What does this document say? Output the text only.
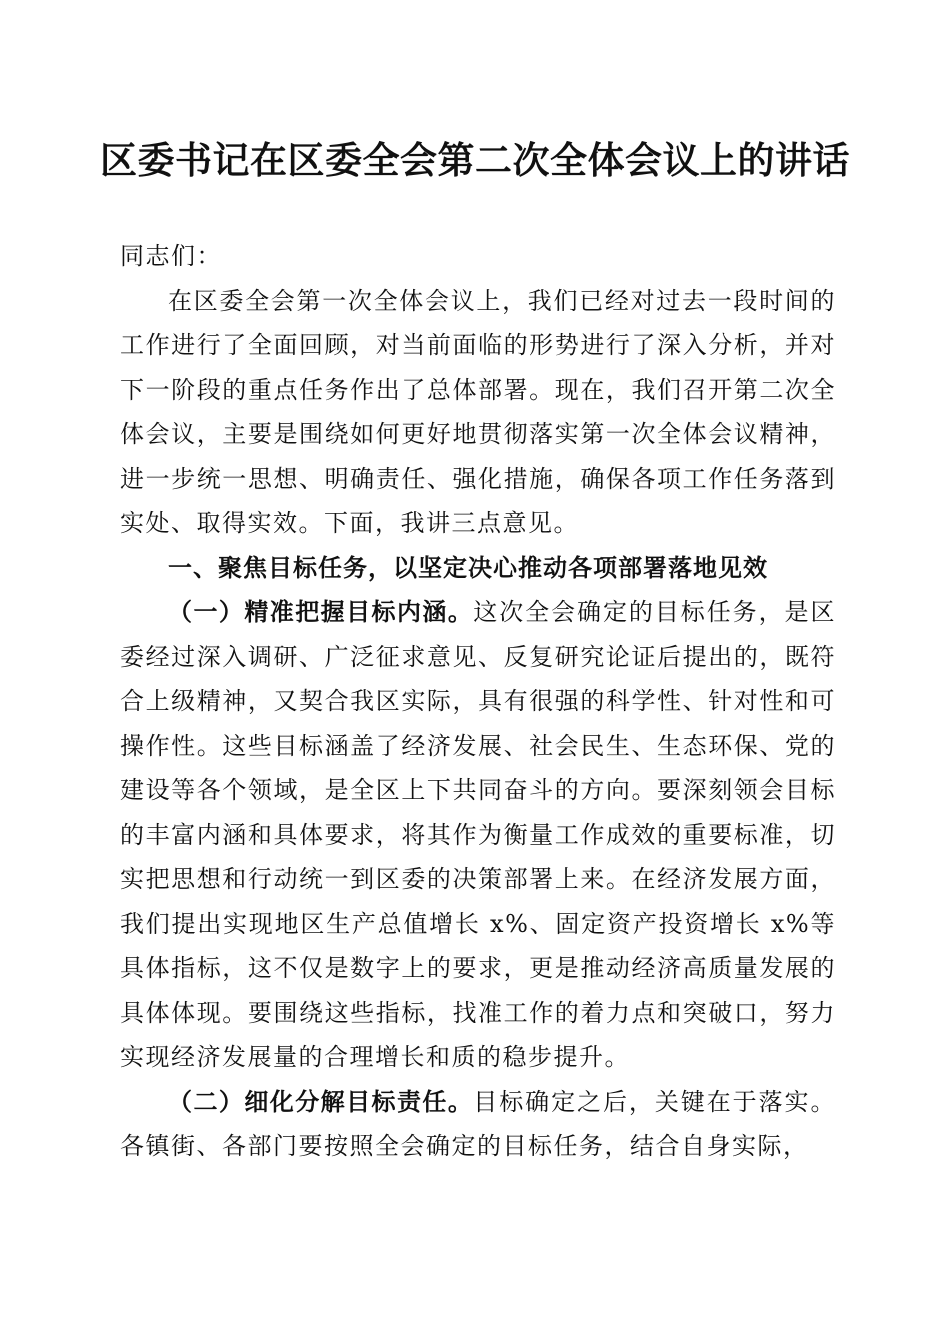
区委书记在区委全会第二次全体会议上的讲话

同志们：

在区委全会第一次全体会议上，我们已经对过去一段时间的工作进行了全面回顾，对当前面临的形势进行了深入分析，并对下一阶段的重点任务作出了总体部署。现在，我们召开第二次全体会议，主要是围绕如何更好地贯彻落实第一次全体会议精神，进一步统一思想、明确责任、强化措施，确保各项工作任务落到实处、取得实效。下面，我讲三点意见。

一、聚焦目标任务，以坚定决心推动各项部署落地见效

（一）精准把握目标内涵。这次全会确定的目标任务，是区委经过深入调研、广泛征求意见、反复研究论证后提出的，既符合上级精神，又契合我区实际，具有很强的科学性、针对性和可操作性。这些目标涵盖了经济发展、社会民生、生态环保、党的建设等各个领域，是全区上下共同奋斗的方向。要深刻领会目标的丰富内涵和具体要求，将其作为衡量工作成效的重要标准，切实把思想和行动统一到区委的决策部署上来。在经济发展方面，我们提出实现地区生产总值增长 x%、固定资产投资增长 x%等具体指标，这不仅是数字上的要求，更是推动经济高质量发展的具体体现。要围绕这些指标，找准工作的着力点和突破口，努力实现经济发展量的合理增长和质的稳步提升。

（二）细化分解目标责任。目标确定之后，关键在于落实。各镇街、各部门要按照全会确定的目标任务，结合自身实际，
